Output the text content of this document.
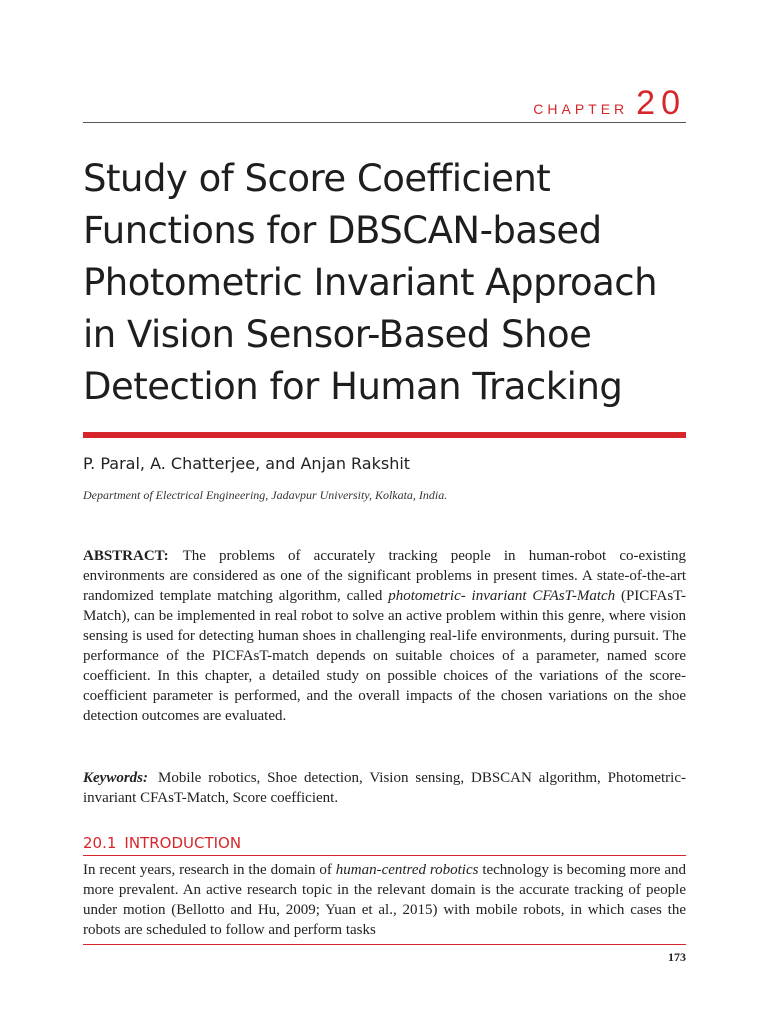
CHAPTER 20
Study of Score Coefficient Functions for DBSCAN-based Photometric Invariant Approach in Vision Sensor-Based Shoe Detection for Human Tracking
P. Paral, A. Chatterjee, and Anjan Rakshit
Department of Electrical Engineering, Jadavpur University, Kolkata, India.

ABSTRACT: The problems of accurately tracking people in human-robot co-existing environments are considered as one of the significant problems in present times. A state-of-the-art randomized template matching algorithm, called photometric- invariant CFAsT-Match (PICFAsT-Match), can be implemented in real robot to solve an active problem within this genre, where vision sensing is used for detecting human shoes in challenging real-life environments, during pursuit. The performance of the PICFAsT-match depends on suitable choices of a parameter, named score coefficient. In this chapter, a detailed study on possible choices of the variations of the score-coefficient parameter is performed, and the overall impacts of the chosen variations on the shoe detection outcomes are evaluated.

Keywords: Mobile robotics, Shoe detection, Vision sensing, DBSCAN algorithm, Photometric-invariant CFAsT-Match, Score coefficient.

20.1 INTRODUCTION

In recent years, research in the domain of human-centred robotics technology is becoming more and more prevalent. An active research topic in the relevant domain is the accurate tracking of people under motion (Bellotto and Hu, 2009; Yuan et al., 2015) with mobile robots, in which cases the robots are scheduled to follow and perform tasks

173
